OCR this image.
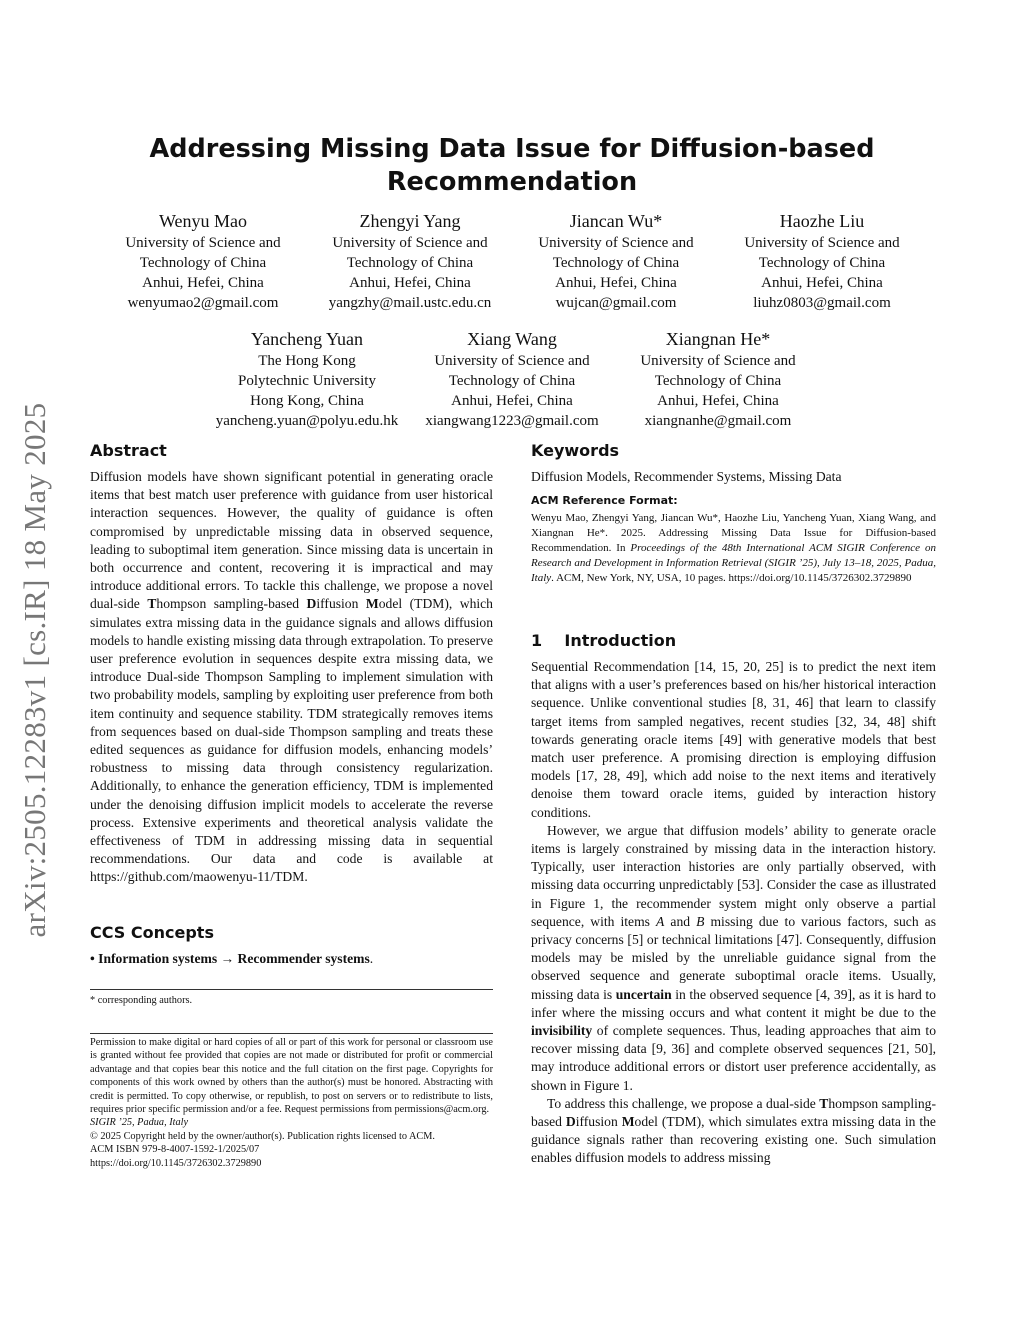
arXiv:2505.12283v1 [cs.IR] 18 May 2025
Addressing Missing Data Issue for Diffusion-based
Recommendation
Wenyu Mao
University of Science and
Technology of China
Anhui, Hefei, China
wenyumao2@gmail.com
Zhengyi Yang
University of Science and
Technology of China
Anhui, Hefei, China
yangzhy@mail.ustc.edu.cn
Jiancan Wu*
University of Science and
Technology of China
Anhui, Hefei, China
wujcan@gmail.com
Haozhe Liu
University of Science and
Technology of China
Anhui, Hefei, China
liuhz0803@gmail.com
Yancheng Yuan
The Hong Kong
Polytechnic University
Hong Kong, China
yancheng.yuan@polyu.edu.hk
Xiang Wang
University of Science and
Technology of China
Anhui, Hefei, China
xiangwang1223@gmail.com
Xiangnan He*
University of Science and
Technology of China
Anhui, Hefei, China
xiangnanhe@gmail.com
Abstract

Diffusion models have shown significant potential in generating oracle items that best match user preference with guidance from user historical interaction sequences. However, the quality of guidance is often compromised by unpredictable missing data in observed sequence, leading to suboptimal item generation. Since missing data is uncertain in both occurrence and content, recovering it is impractical and may introduce additional errors. To tackle this challenge, we propose a novel dual-side Thompson sampling-based Diffusion Model (TDM), which simulates extra missing data in the guidance signals and allows diffusion models to handle existing missing data through extrapolation. To preserve user preference evolution in sequences despite extra missing data, we introduce Dual-side Thompson Sampling to implement simulation with two probability models, sampling by exploiting user preference from both item continuity and sequence stability. TDM strategically removes items from sequences based on dual-side Thompson sampling and treats these edited sequences as guidance for diffusion models, enhancing models’ robustness to missing data through consistency regularization. Additionally, to enhance the generation efficiency, TDM is implemented under the denoising diffusion implicit models to accelerate the reverse process. Extensive experiments and theoretical analysis validate the effectiveness of TDM in addressing missing data in sequential recommendations. Our data and code is available at https://github.com/maowenyu-11/TDM.

CCS Concepts

• Information systems → Recommender systems.

* corresponding authors.
Permission to make digital or hard copies of all or part of this work for personal or classroom use is granted without fee provided that copies are not made or distributed for profit or commercial advantage and that copies bear this notice and the full citation on the first page. Copyrights for components of this work owned by others than the author(s) must be honored. Abstracting with credit is permitted. To copy otherwise, or republish, to post on servers or to redistribute to lists, requires prior specific permission and/or a fee. Request permissions from permissions@acm.org.
SIGIR ’25, Padua, Italy
© 2025 Copyright held by the owner/author(s). Publication rights licensed to ACM.
ACM ISBN 979-8-4007-1592-1/2025/07
https://doi.org/10.1145/3726302.3729890
Keywords

Diffusion Models, Recommender Systems, Missing Data

ACM Reference Format:
Wenyu Mao, Zhengyi Yang, Jiancan Wu*, Haozhe Liu, Yancheng Yuan, Xiang Wang, and Xiangnan He*. 2025. Addressing Missing Data Issue for Diffusion-based Recommendation. In Proceedings of the 48th International ACM SIGIR Conference on Research and Development in Information Retrieval (SIGIR ’25), July 13–18, 2025, Padua, Italy. ACM, New York, NY, USA, 10 pages. https://doi.org/10.1145/3726302.3729890
1    Introduction

Sequential Recommendation [14, 15, 20, 25] is to predict the next item that aligns with a user’s preferences based on his/her historical interaction sequence. Unlike conventional studies [8, 31, 46] that learn to classify target items from sampled negatives, recent studies [32, 34, 48] shift towards generating oracle items [49] with generative models that best match user preference. A promising direction is employing diffusion models [17, 28, 49], which add noise to the next items and iteratively denoise them toward oracle items, guided by interaction history conditions.

However, we argue that diffusion models’ ability to generate oracle items is largely constrained by missing data in the interaction history. Typically, user interaction histories are only partially observed, with missing data occurring unpredictably [53]. Consider the case as illustrated in Figure 1, the recommender system might only observe a partial sequence, with items A and B missing due to various factors, such as privacy concerns [5] or technical limitations [47]. Consequently, diffusion models may be misled by the unreliable guidance signal from the observed sequence and generate suboptimal oracle items. Usually, missing data is uncertain in the observed sequence [4, 39], as it is hard to infer where the missing occurs and what content it might be due to the invisibility of complete sequences. Thus, leading approaches that aim to recover missing data [9, 36] and complete observed sequences [21, 50], may introduce additional errors or distort user preference accidentally, as shown in Figure 1.

To address this challenge, we propose a dual-side Thompson sampling-based Diffusion Model (TDM), which simulates extra missing data in the guidance signals rather than recovering existing one. Such simulation enables diffusion models to address missing
